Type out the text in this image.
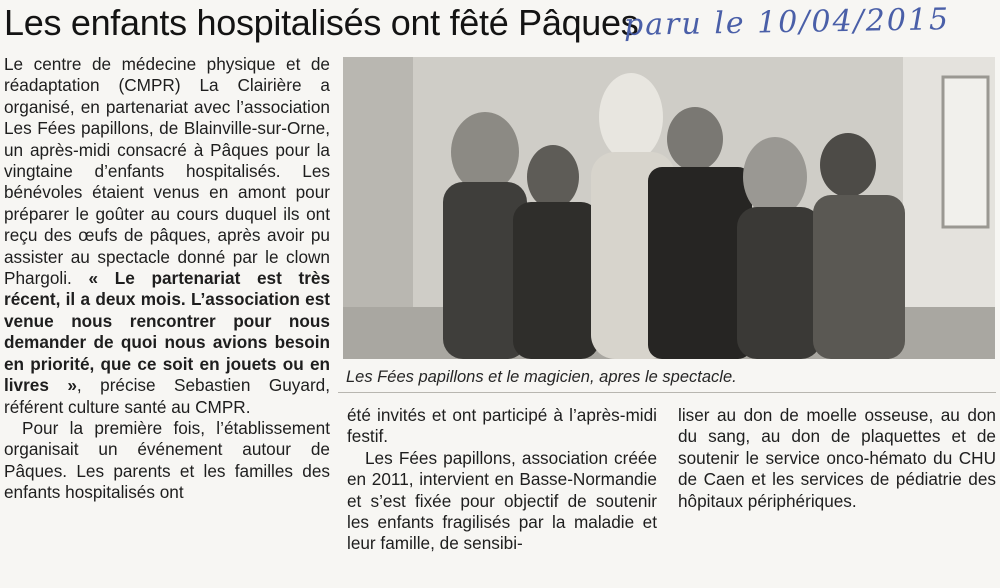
Les enfants hospitalisés ont fêté Pâques
paru le 10/04/2015

Le centre de médecine physique et de réadaptation (CMPR) La Clairière a organisé, en partenariat avec l’association Les Fées papillons, de Blainville-sur-Orne, un après-midi consacré à Pâques pour la vingtaine d’enfants hospitalisés. Les bénévoles étaient venus en amont pour préparer le goûter au cours duquel ils ont reçu des œufs de pâques, après avoir pu assister au spectacle donné par le clown Phargoli. « Le partenariat est très récent, il a deux mois. L’association est venue nous rencontrer pour nous demander de quoi nous avions besoin en priorité, que ce soit en jouets ou en livres », précise Sebastien Guyard, référent culture santé au CMPR.

Pour la première fois, l’établissement organisait un événement autour de Pâques. Les parents et les familles des enfants hospitalisés ont

Les Fées papillons et le magicien, apres le spectacle.

été invités et ont participé à l’après-midi festif.

Les Fées papillons, association créée en 2011, intervient en Basse-Normandie et s’est fixée pour objectif de soutenir les enfants fragilisés par la maladie et leur famille, de sensibi-

liser au don de moelle osseuse, au don du sang, au don de plaquettes et de soutenir le service onco-hémato du CHU de Caen et les services de pédiatrie des hôpitaux périphériques.
